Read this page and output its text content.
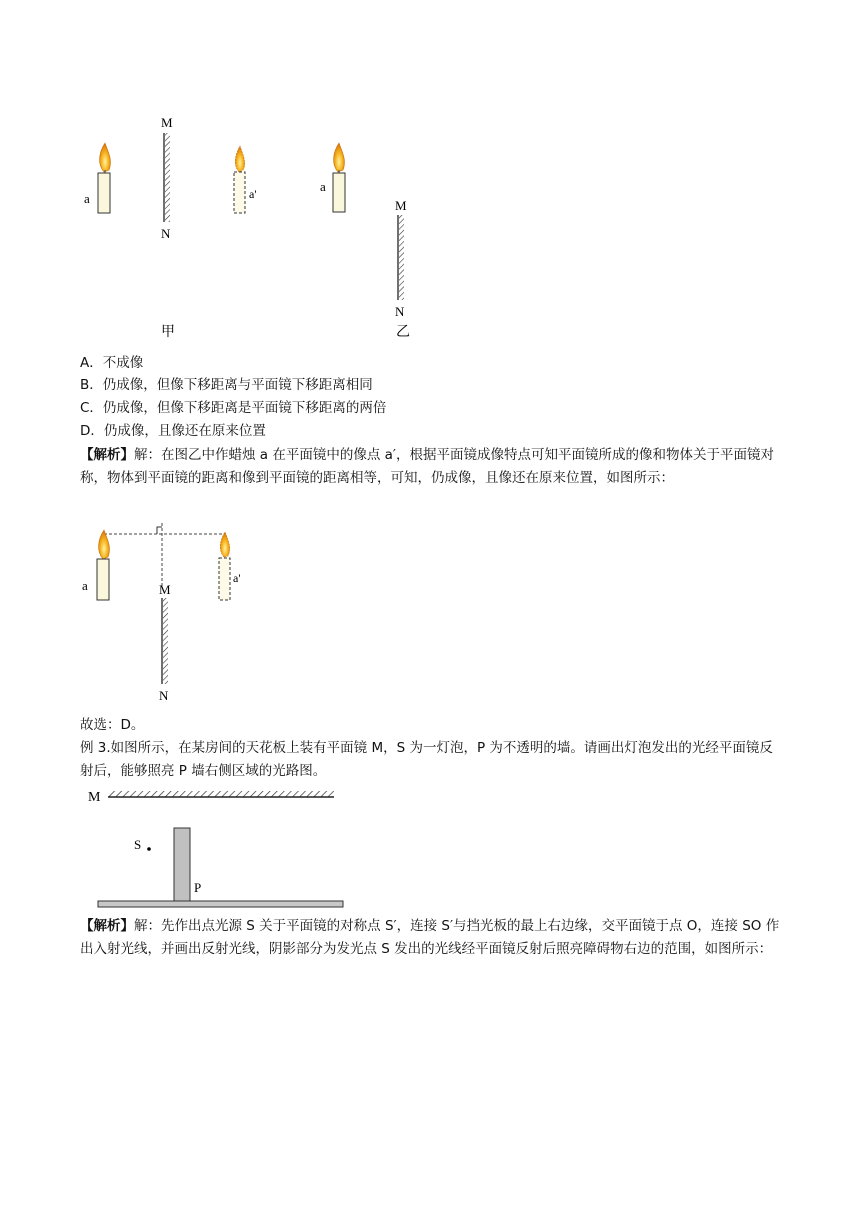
a
M
N
a'
甲
a
M
N
乙
A．不成像
B．仍成像，但像下移距离与平面镜下移距离相同
C．仍成像，但像下移距离是平面镜下移距离的两倍
D．仍成像，且像还在原来位置
【解析】解：在图乙中作蜡烛 a 在平面镜中的像点 a′，根据平面镜成像特点可知平面镜所成的像和物体关于平面镜对称，物体到平面镜的距离和像到平面镜的距离相等，可知，仍成像，且像还在原来位置，如图所示：
a	a'
M
N
故选：D。
例 3.如图所示，在某房间的天花板上装有平面镜 M，S 为一灯泡，P 为不透明的墙。请画出灯泡发出的光经平面镜反射后，能够照亮 P 墙右侧区域的光路图。
M
S
P
【解析】解：先作出点光源 S 关于平面镜的对称点 S′，连接 S′与挡光板的最上右边缘，交平面镜于点 O，连接 SO 作出入射光线，并画出反射光线，阴影部分为发光点 S 发出的光线经平面镜反射后照亮障碍物右边的范围，如图所示：
